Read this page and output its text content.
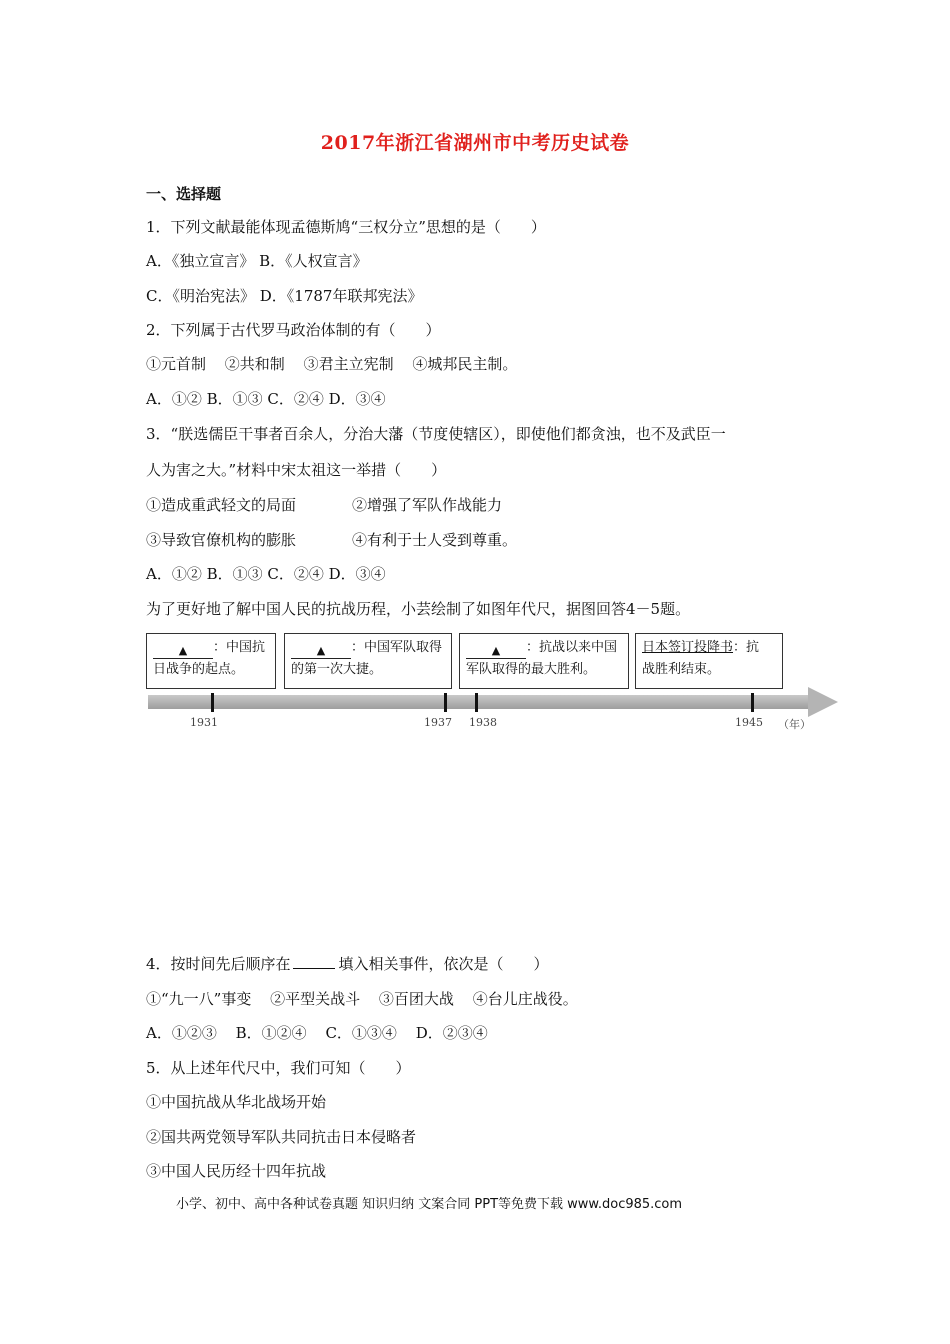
2017年浙江省湖州市中考历史试卷
一、选择题
1．下列文献最能体现孟德斯鸠“三权分立”思想的是（　　）
A．《独立宣言》 B．《人权宣言》
C．《明治宪法》 D．《1787年联邦宪法》
2．下列属于古代罗马政治体制的有（　　）
①元首制 ②共和制 ③君主立宪制 ④城邦民主制。
A．①② B．①③ C．②④ D．③④
3．“朕选儒臣干事者百余人，分治大藩（节度使辖区），即使他们都贪浊，也不及武臣一
人为害之大。”材料中宋太祖这一举措（　　）
①造成重武轻文的局面	②增强了军队作战能力
③导致官僚机构的膨胀	④有利于士人受到尊重。
A．①② B．①③ C．②④ D．③④
为了更好地了解中国人民的抗战历程，小芸绘制了如图年代尺，据图回答4－5题。
▲ ：中国抗
日战争的起点。
▲ ：中国军队取得
的第一次大捷。
▲ ：抗战以来中国
军队取得的最大胜利。
日本签订投降书：抗
战胜利结束。
1931	1937 1938	1945 （年）
4．按时间先后顺序在	填入相关事件，依次是（　　）
①“九一八”事变 ②平型关战斗 ③百团大战 ④台儿庄战役。
A．①②③ B．①②④ C．①③④ D．②③④
5．从上述年代尺中，我们可知（　　）
①中国抗战从华北战场开始
②国共两党领导军队共同抗击日本侵略者
③中国人民历经十四年抗战
小学、初中、高中各种试卷真题 知识归纳 文案合同 PPT等免费下载 www.doc985.com
